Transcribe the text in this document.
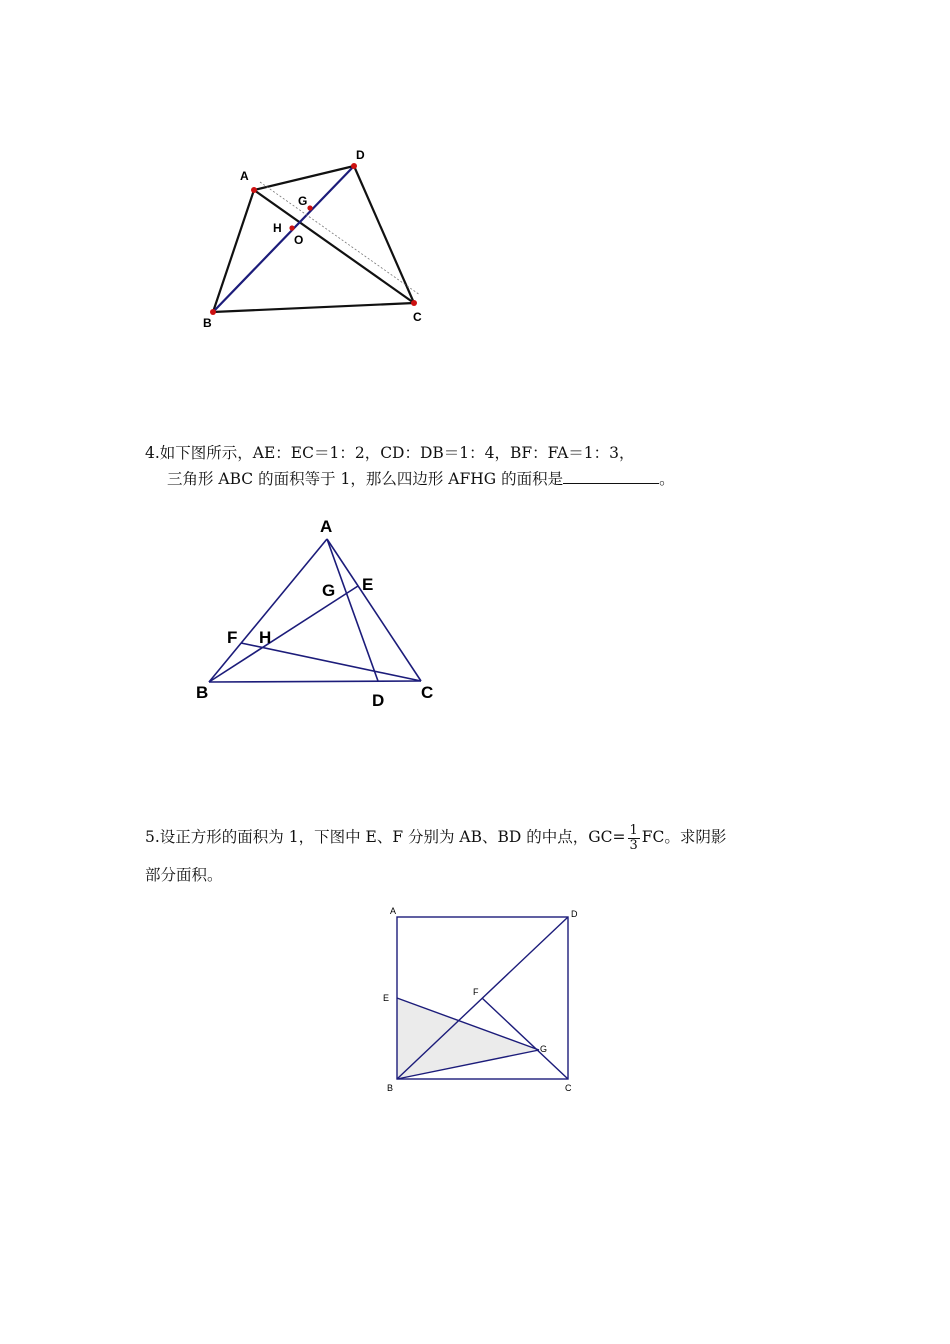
A
D
C
B
G
H
O
4.如下图所示，AE：EC＝1：2，CD：DB＝1：4，BF：FA＝1：3，
三角形 ABC 的面积等于 1，那么四边形 AFHG 的面积是	。
A
B	C
D
E
F
G
H
5.设正方形的面积为 1，下图中 E、F 分别为 AB、BD 的中点，$GC= \frac{1}{3}$ FC。求阴影
部分面积。
A	D
E
F
G
B	C
